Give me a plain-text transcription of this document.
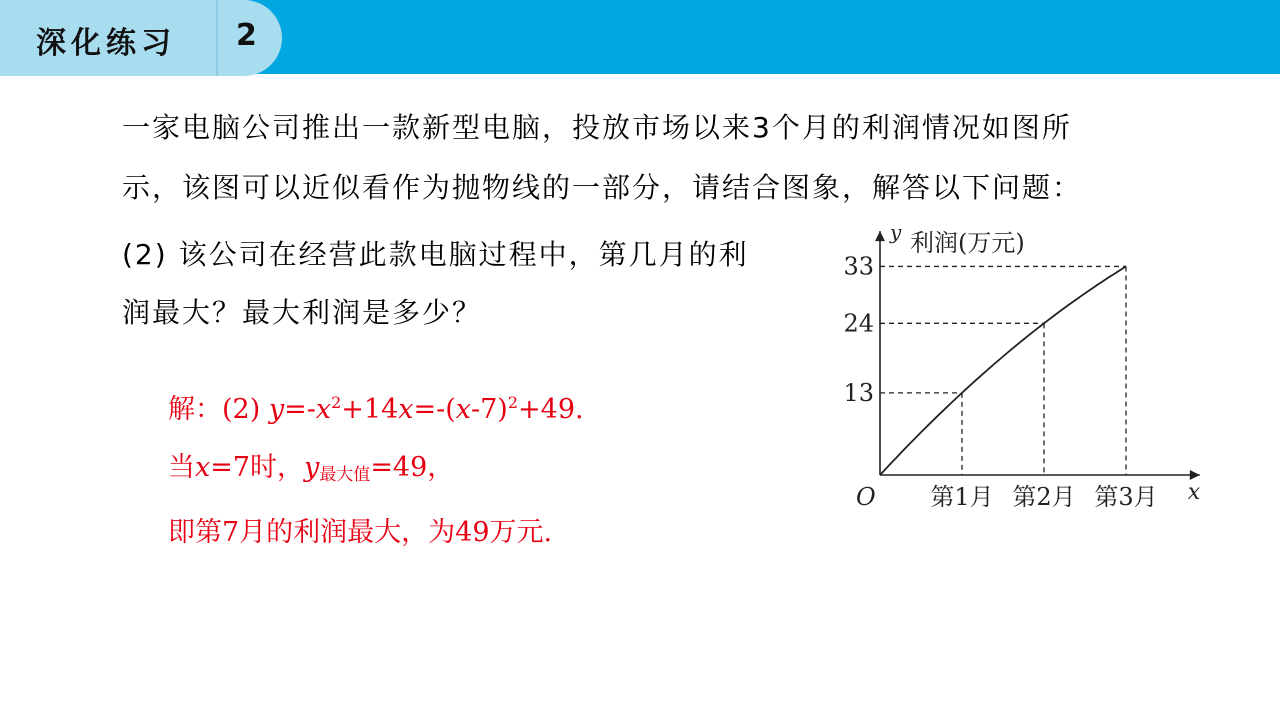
深化练习 2
一家电脑公司推出一款新型电脑，投放市场以来3个月的利润情况如图所
示，该图可以近似看作为抛物线的一部分，请结合图象，解答以下问题：
(2) 该公司在经营此款电脑过程中，第几月的利
润最大？最大利润是多少？
解：(2) $y=-x^2+14x=-(x-7)^2+49$.
当x=7时，$y_{最大值}=49$，
即第7月的利润最大，为49万元.
x
y 利润(万元)
O
13
24
33
第1月 第2月 第3月
